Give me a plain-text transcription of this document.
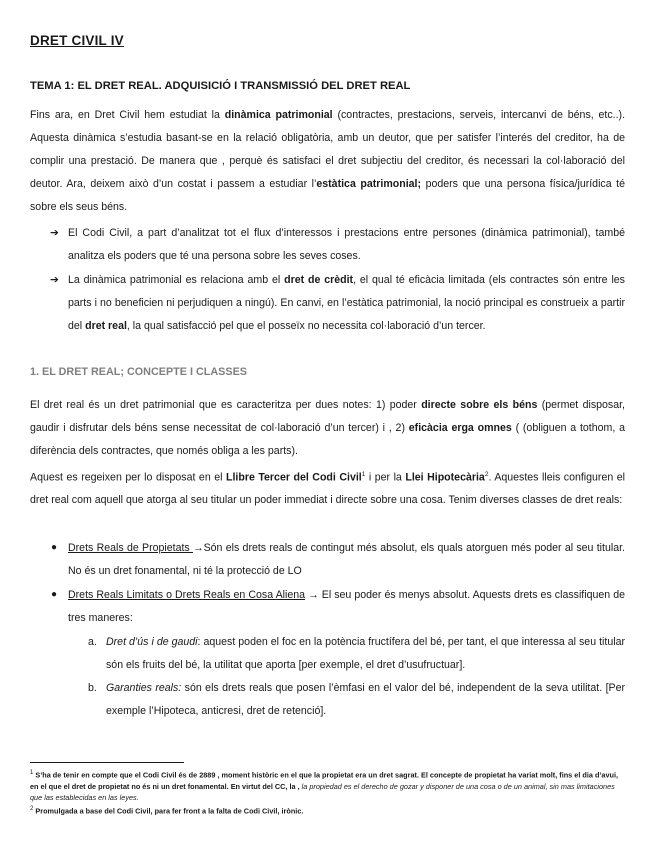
DRET CIVIL IV
TEMA 1: EL DRET REAL. ADQUISICIÓ I TRANSMISSIÓ DEL DRET REAL
Fins ara, en Dret Civil hem estudiat la dinàmica patrimonial (contractes, prestacions, serveis, intercanvi de béns, etc..). Aquesta dinàmica s’estudia basant-se en la relació obligatòria, amb un deutor, que per satisfer l’interés del creditor, ha de complir una prestació. De manera que , perquè és satisfaci el dret subjectiu del creditor, és necessari la col·laboració del deutor. Ara, deixem això d’un costat i passem a estudiar l’estàtica patrimonial; poders que una persona física/jurídica té sobre els seus béns.
➔ El Codi Civil, a part d’analitzat tot el flux d’interessos i prestacions entre persones (dinàmica patrimonial), també analitza els poders que té una persona sobre les seves coses.
➔ La dinàmica patrimonial es relaciona amb el dret de crèdit, el qual té eficàcia limitada (els contractes són entre les parts i no beneficien ni perjudiquen a ningú). En canvi, en l’estàtica patrimonial, la noció principal es construeix a partir del dret real, la qual satisfacció pel que el posseïx no necessita col·laboració d’un tercer.
1. EL DRET REAL; CONCEPTE I CLASSES
El dret real és un dret patrimonial que es caracteritza per dues notes: 1) poder directe sobre els béns (permet disposar, gaudir i disfrutar dels béns sense necessitat de col·laboració d’un tercer) i , 2) eficàcia erga omnes ( (obliguen a tothom, a diferència dels contractes, que només obliga a les parts).
Aquest es regeixen per lo disposat en el Llibre Tercer del Codi Civil$^1$ i per la Llei Hipotecària$^2$. Aquestes lleis configuren el dret real com aquell que atorga al seu titular un poder immediat i directe sobre una cosa. Tenim diverses classes de dret reals:
● Drets Reals de Propietats →Són els drets reals de contingut més absolut, els quals atorguen més poder al seu titular. No és un dret fonamental, ni té la protecció de LO
● Drets Reals Limitats o Drets Reals en Cosa Aliena → El seu poder és menys absolut. Aquests drets es classifiquen de tres maneres:
a. Dret d’ús i de gaudi: aquest poden el foc en la potència fructífera del bé, per tant, el que interessa al seu titular són els fruits del bé, la utilitat que aporta [per exemple, el dret d’usufructuar].
b. Garanties reals: són els drets reals que posen l’èmfasi en el valor del bé, independent de la seva utilitat. [Per exemple l’Hipoteca, anticresi, dret de retenció].
$^1$ S’ha de tenir en compte que el Codi Civil és de 2889 , moment històric en el que la propietat era un dret sagrat. El concepte de propietat ha variat molt, fins el dia d’avui, en el que el dret de propietat no és ni un dret fonamental. En virtut del CC, la , la propiedad es el derecho de gozar y disponer de una cosa o de un animal, sin mas limitaciones que las establecidas en las leyes.
$^2$ Promulgada a base del Codi Civil, para fer front a la falta de Codi Civil, irònic.
